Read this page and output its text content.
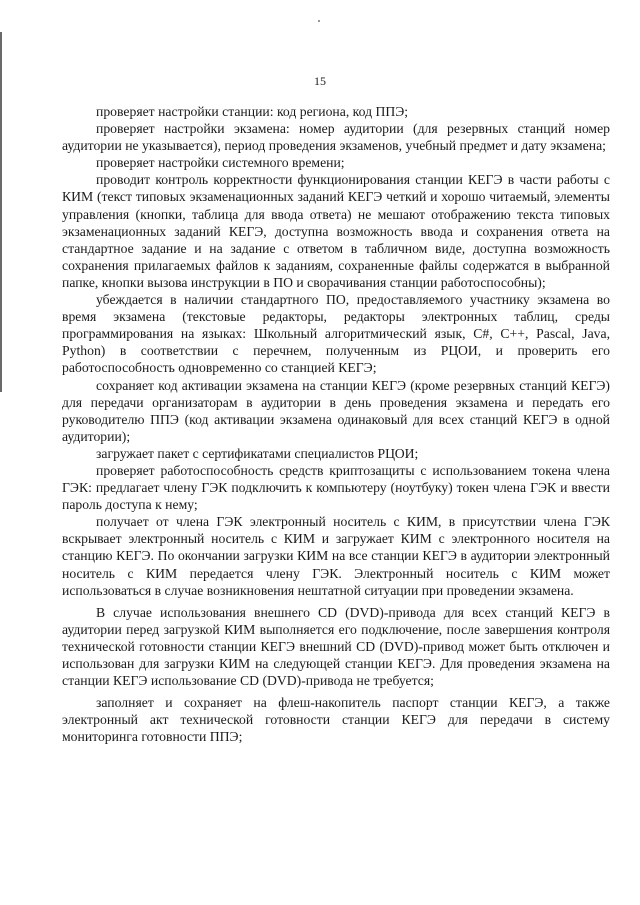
15

проверяет настройки станции: код региона, код ППЭ;

проверяет настройки экзамена: номер аудитории (для резервных станций номер аудитории не указывается), период проведения экзаменов, учебный предмет и дату экзамена;

проверяет настройки системного времени;

проводит контроль корректности функционирования станции КЕГЭ в части работы с КИМ (текст типовых экзаменационных заданий КЕГЭ четкий и хорошо читаемый, элементы управления (кнопки, таблица для ввода ответа) не мешают отображению текста типовых экзаменационных заданий КЕГЭ, доступна возможность ввода и сохранения ответа на стандартное задание и на задание с ответом в табличном виде, доступна возможность сохранения прилагаемых файлов к заданиям, сохраненные файлы содержатся в выбранной папке, кнопки вызова инструкции в ПО и сворачивания станции работоспособны);

убеждается в наличии стандартного ПО, предоставляемого участнику экзамена во время экзамена (текстовые редакторы, редакторы электронных таблиц, среды программирования на языках: Школьный алгоритмический язык, C#, C++, Pascal, Java, Python) в соответствии с перечнем, полученным из РЦОИ, и проверить его работоспособность одновременно со станцией КЕГЭ;

сохраняет код активации экзамена на станции КЕГЭ (кроме резервных станций КЕГЭ) для передачи организаторам в аудитории в день проведения экзамена и передать его руководителю ППЭ (код активации экзамена одинаковый для всех станций КЕГЭ в одной аудитории);

загружает пакет с сертификатами специалистов РЦОИ;

проверяет работоспособность средств криптозащиты с использованием токена члена ГЭК: предлагает члену ГЭК подключить к компьютеру (ноутбуку) токен члена ГЭК и ввести пароль доступа к нему;

получает от члена ГЭК электронный носитель с КИМ, в присутствии члена ГЭК вскрывает электронный носитель с КИМ и загружает КИМ с электронного носителя на станцию КЕГЭ. По окончании загрузки КИМ на все станции КЕГЭ в аудитории электронный носитель с КИМ передается члену ГЭК. Электронный носитель с КИМ может использоваться в случае возникновения нештатной ситуации при проведении экзамена.

В случае использования внешнего CD (DVD)-привода для всех станций КЕГЭ в аудитории перед загрузкой КИМ выполняется его подключение, после завершения контроля технической готовности станции КЕГЭ внешний CD (DVD)-привод может быть отключен и использован для загрузки КИМ на следующей станции КЕГЭ. Для проведения экзамена на станции КЕГЭ использование CD (DVD)-привода не требуется;

заполняет и сохраняет на флеш-накопитель паспорт станции КЕГЭ, а также электронный акт технической готовности станции КЕГЭ для передачи в систему мониторинга готовности ППЭ;
